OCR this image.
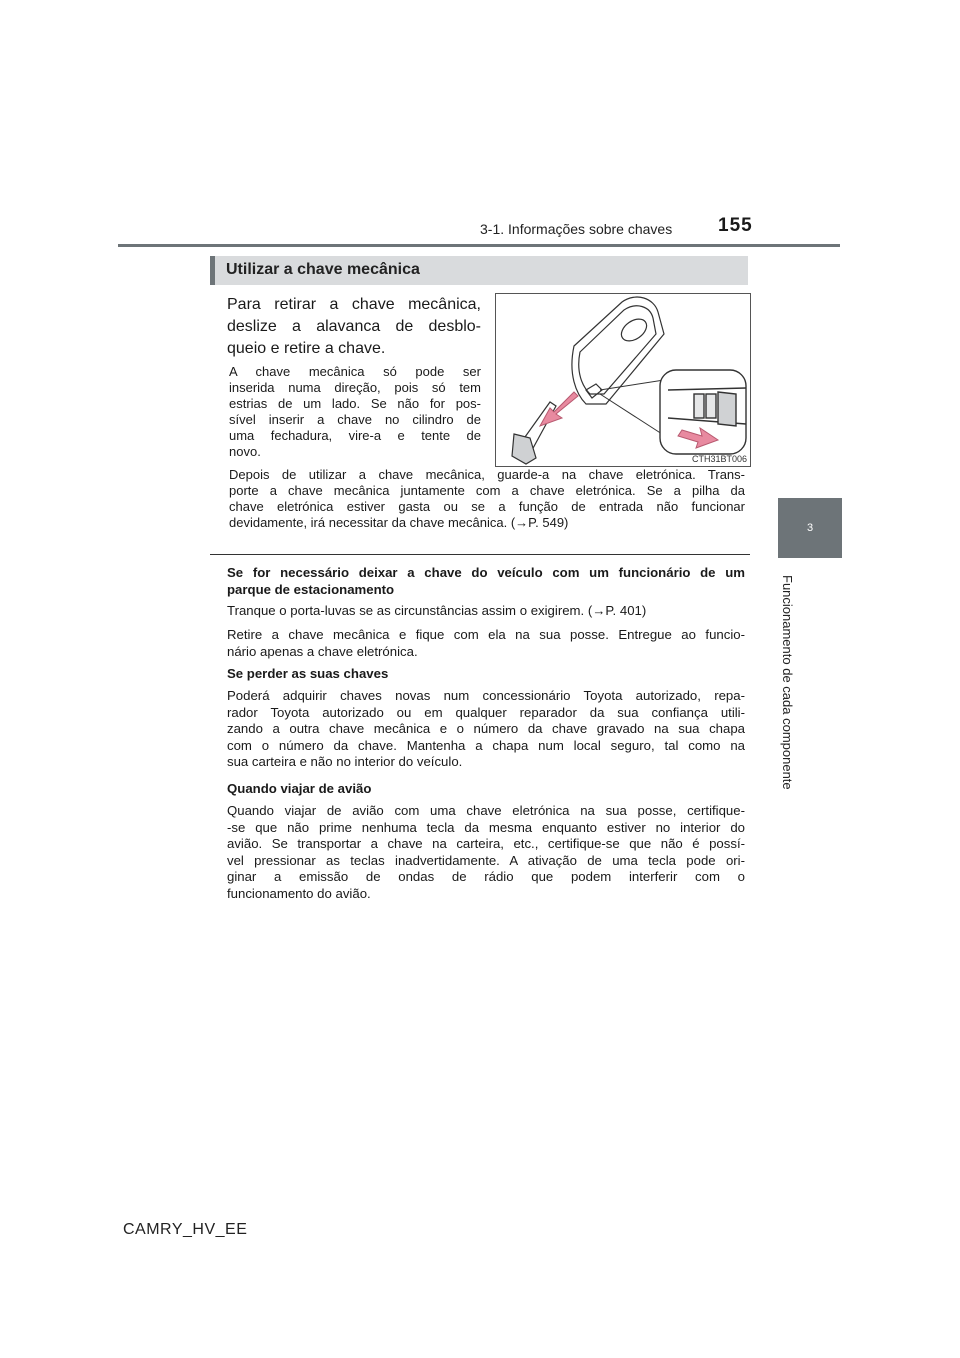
3-1. Informações sobre chaves	155
3
Funcionamento de cada componente
Utilizar a chave mecânica
Para retirar a chave mecânica,
deslize a alavanca de desblo-
queio e retire a chave.
A chave mecânica só pode ser
inserida numa direção, pois só tem
estrias de um lado. Se não for pos-
sível inserir a chave no cilindro de
uma fechadura, vire-a e tente de
novo.	CTH31BT006
Depois de utilizar a chave mecânica, guarde-a na chave eletrónica. Trans-
porte a chave mecânica juntamente com a chave eletrónica. Se a pilha da
chave eletrónica estiver gasta ou se a função de entrada não funcionar
devidamente, irá necessitar da chave mecânica. (→P. 549)
Se for necessário deixar a chave do veículo com um funcionário de um
parque de estacionamento
Tranque o porta-luvas se as circunstâncias assim o exigirem. (→P. 401)
Retire a chave mecânica e fique com ela na sua posse. Entregue ao funcio-
nário apenas a chave eletrónica.
Se perder as suas chaves
Poderá adquirir chaves novas num concessionário Toyota autorizado, repa-
rador Toyota autorizado ou em qualquer reparador da sua confiança utili-
zando a outra chave mecânica e o número da chave gravado na sua chapa
com o número da chave. Mantenha a chapa num local seguro, tal como na
sua carteira e não no interior do veículo.
Quando viajar de avião
Quando viajar de avião com uma chave eletrónica na sua posse, certifique-
-se que não prime nenhuma tecla da mesma enquanto estiver no interior do
avião. Se transportar a chave na carteira, etc., certifique-se que não é possí-
vel pressionar as teclas inadvertidamente. A ativação de uma tecla pode ori-
ginar a emissão de ondas de rádio que podem interferir com o
funcionamento do avião.
CAMRY_HV_EE
